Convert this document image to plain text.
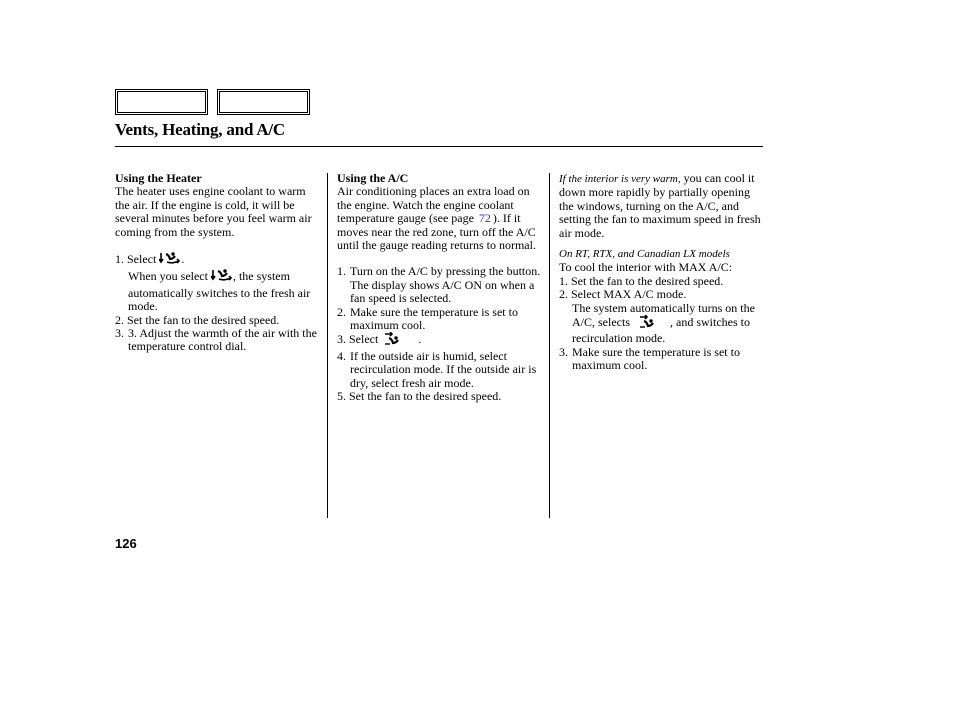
Vents, Heating, and A/C
Using the Heater

The heater uses engine coolant to warm the air. If the engine is cold, it will be several minutes before you feel warm air coming from the system.

1. Select .

When you select , the system automatically switches to the fresh air mode.

2. Set the fan to the desired speed.

3. 3. Adjust the warmth of the air with the temperature control dial.
Using the A/C

Air conditioning places an extra load on the engine. Watch the engine coolant temperature gauge (see page 72 ). If it moves near the red zone, turn off the A/C until the gauge reading returns to normal.

1. Turn on the A/C by pressing the button. The display shows A/C ON on when a fan speed is selected.
2. Make sure the temperature is set to maximum cool.

3. Select	.

4. If the outside air is humid, select recirculation mode. If the outside air is dry, select fresh air mode.

5. Set the fan to the desired speed.

If the interior is very warm, you can cool it down more rapidly by partially opening the windows, turning on the A/C, and setting the fan to maximum speed in fresh air mode.

On RT, RTX, and Canadian LX models

To cool the interior with MAX A/C:

1. Set the fan to the desired speed.

2. Select MAX A/C mode.

The system automatically turns on the A/C, selects	, and switches to recirculation mode.

3. Make sure the temperature is set to maximum cool.
126
